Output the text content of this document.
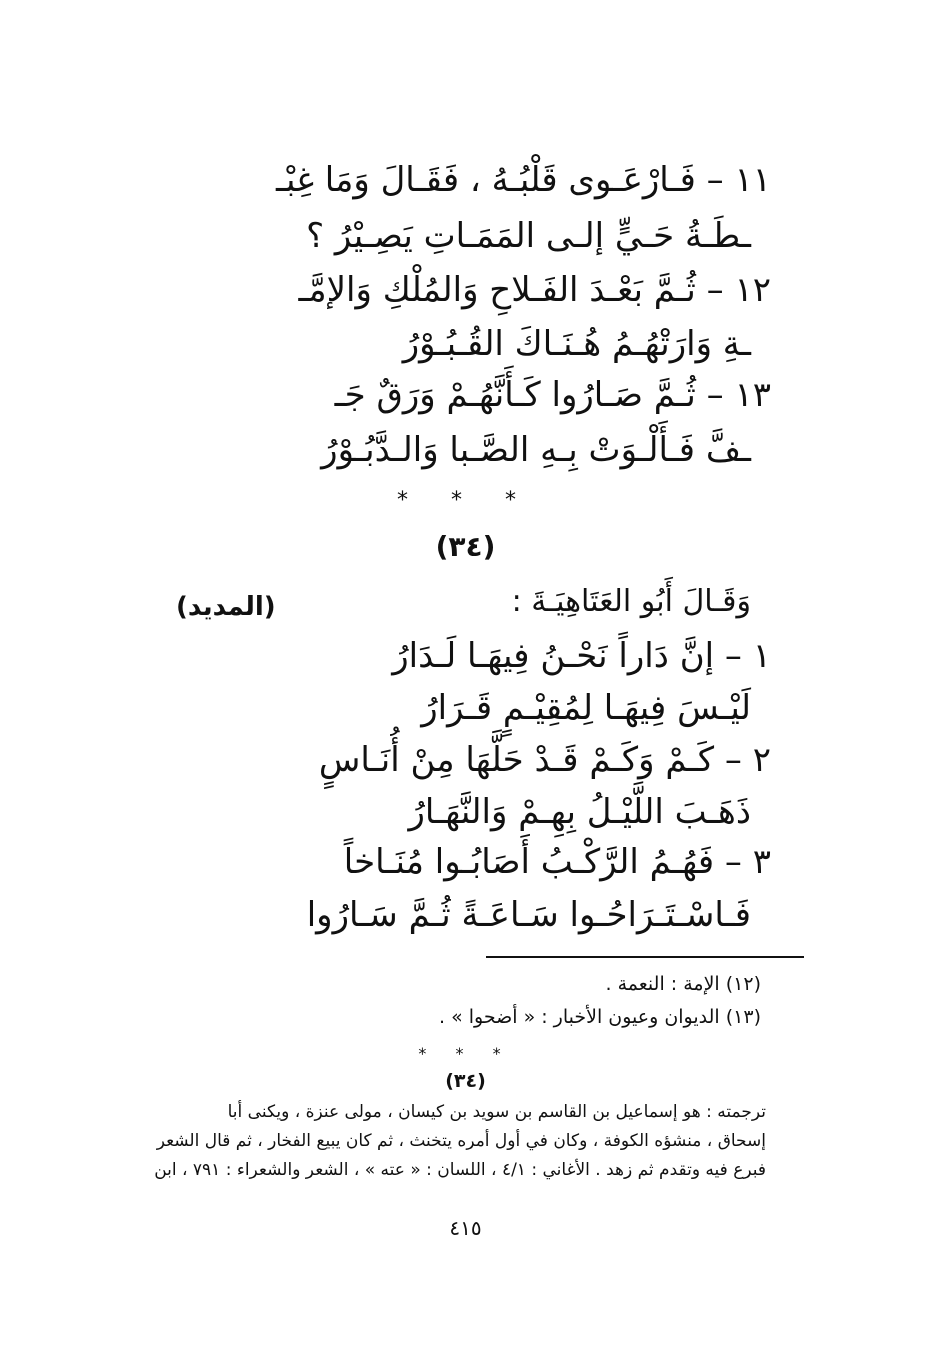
١١ – فَـارْعَـوى قَلْبُـهُ ، فَقَـالَ وَمَا غِبْـ
ـطَـةُ حَـيٍّ إلـى المَمَـاتِ يَصِـيْرُ ؟
١٢ – ثُـمَّ بَعْـدَ الفَـلاحِ وَالمُلْكِ وَالإمَّـ
ـةِ وَارَتْهُـمُ هُـنَـاكَ القُـبُـوْرُ
١٣ – ثُـمَّ صَـارُوا كَـأَنَّهُـمْ وَرَقٌ جَـ
ـفَّ فَـأَلْـوَتْ بِـهِ الصَّـبا وَالـدَّبُـوْرُ
* * *
(٣٤)
وَقَـالَ أَبُو العَتَاهِيَـةَ :
(المديد)
١ – إنَّ دَاراً نَحْـنُ فِيهَـا لَـدَارُ
لَيْـسَ فِيهَـا لِمُقِيْـمٍ قَـرَارُ
٢ – كَـمْ وَكَـمْ قَـدْ حَلَّهَا مِنْ أُنَـاسٍ
ذَهَـبَ اللَّيْـلُ بِهِـمْ وَالنَّهَـارُ
٣ – فَهُـمُ الرَّكْـبُ أَصَابُـوا مُنَـاخاً
فَـاسْـتَـرَاحُـوا سَـاعَـةً ثُـمَّ سَـارُوا
(١٢) الإمة : النعمة .
(١٣) الديوان وعيون الأخبار : « أضحوا » .
* * *
(٣٤)
ترجمته : هو إسماعيل بن القاسم بن سويد بن كيسان ، مولى عنزة ، ويكنى أبا
إسحاق ، منشؤه الكوفة ، وكان في أول أمره يتخنث ، ثم كان يبيع الفخار ، ثم قال الشعر
فبرع فيه وتقدم ثم زهد . الأغاني : ٤/١ ، اللسان : « عته » ، الشعر والشعراء : ٧٩١ ، ابن
٤١٥
